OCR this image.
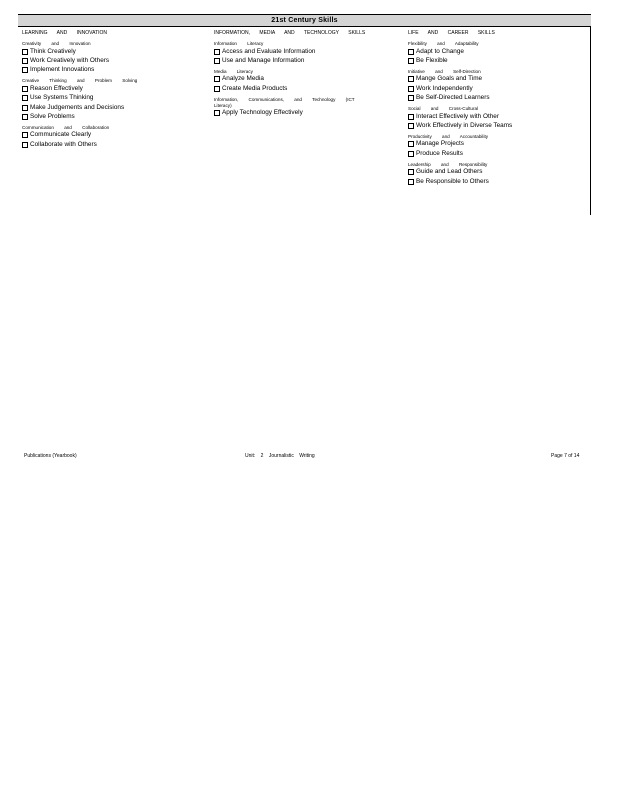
21st Century Skills
LEARNING AND INNOVATION
Creativity and Innovation
Think Creatively
Work Creatively with Others
Implement Innovations
Creative Thinking and Problem Solving
Reason Effectively
Use Systems Thinking
Make Judgements and Decisions
Solve Problems
Communication and Collaboration
Communicate Clearly
Collaborate with Others
INFORMATION, MEDIA AND TECHNOLOGY SKILLS
Information Literacy
Access and Evaluate Information
Use and Manage Information
Media Literacy
Analyze Media
Create Media Products
Information, Communications, and Technology (ICT Literacy)
Apply Technology Effectively
LIFE AND CAREER SKILLS
Flexibility and Adaptability
Adapt to Change
Be Flexible
Initiative and Self-Direction
Mange Goals and Time
Work Independently
Be Self-Directed Learners
Social and Cross-Cultural
Interact Effectively with Other
Work Effectively in Diverse Teams
Productivity and Accountability
Manage Projects
Produce Results
Leadership and Responsibility
Guide and Lead Others
Be Responsible to Others
Publications (Yearbook)	Unit: 2 Journalistic Writing	Page 7 of 14
